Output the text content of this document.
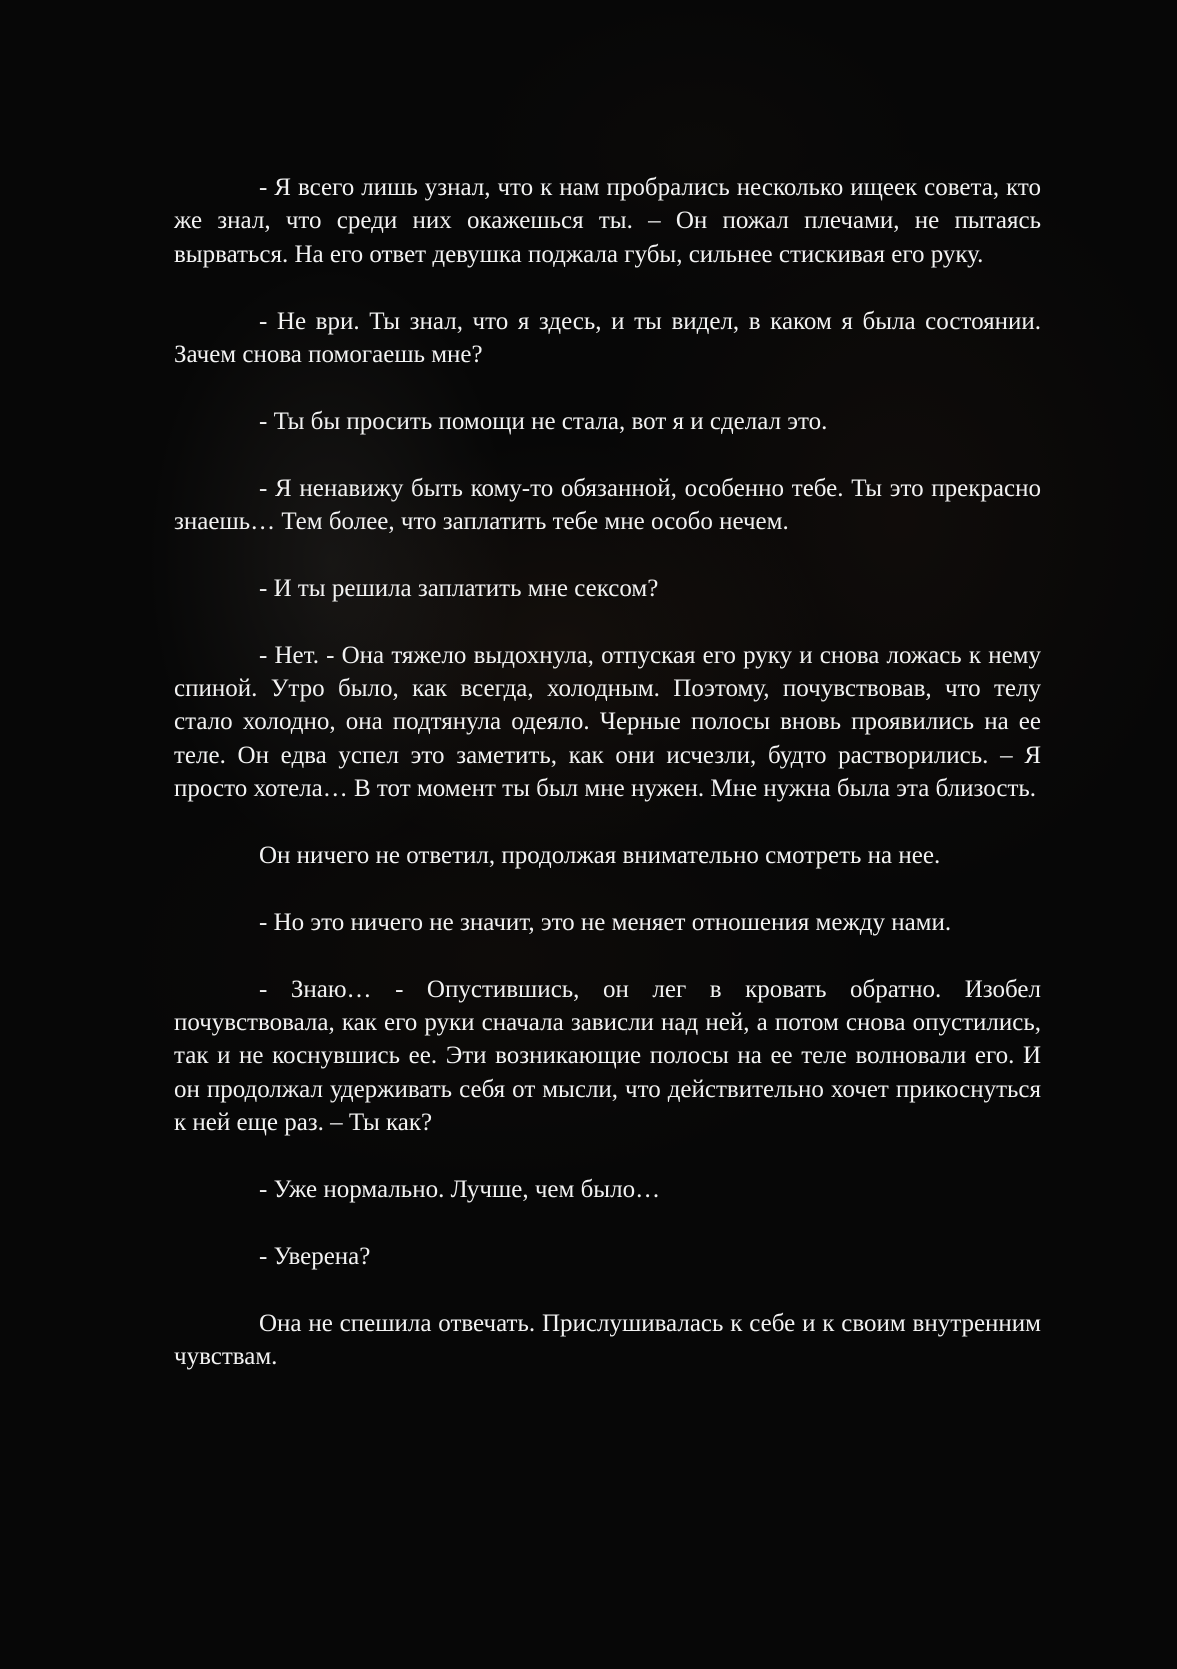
- Я всего лишь узнал, что к нам пробрались несколько ищеек совета, кто же знал, что среди них окажешься ты. – Он пожал плечами, не пытаясь вырваться. На его ответ девушка поджала губы, сильнее стискивая его руку.

- Не ври. Ты знал, что я здесь, и ты видел, в каком я была состоянии. Зачем снова помогаешь мне?

- Ты бы просить помощи не стала, вот я и сделал это.

- Я ненавижу быть кому-то обязанной, особенно тебе. Ты это прекрасно знаешь… Тем более, что заплатить тебе мне особо нечем.

- И ты решила заплатить мне сексом?

- Нет. - Она тяжело выдохнула, отпуская его руку и снова ложась к нему спиной. Утро было, как всегда, холодным. Поэтому, почувствовав, что телу стало холодно, она подтянула одеяло. Черные полосы вновь проявились на ее теле. Он едва успел это заметить, как они исчезли, будто растворились. – Я просто хотела… В тот момент ты был мне нужен. Мне нужна была эта близость.

Он ничего не ответил, продолжая внимательно смотреть на нее.

- Но это ничего не значит, это не меняет отношения между нами.

- Знаю… - Опустившись, он лег в кровать обратно. Изобел почувствовала, как его руки сначала зависли над ней, а потом снова опустились, так и не коснувшись ее. Эти возникающие полосы на ее теле волновали его. И он продолжал удерживать себя от мысли, что действительно хочет прикоснуться к ней еще раз. – Ты как?

- Уже нормально. Лучше, чем было…

- Уверена?

Она не спешила отвечать. Прислушивалась к себе и к своим внутренним чувствам.
